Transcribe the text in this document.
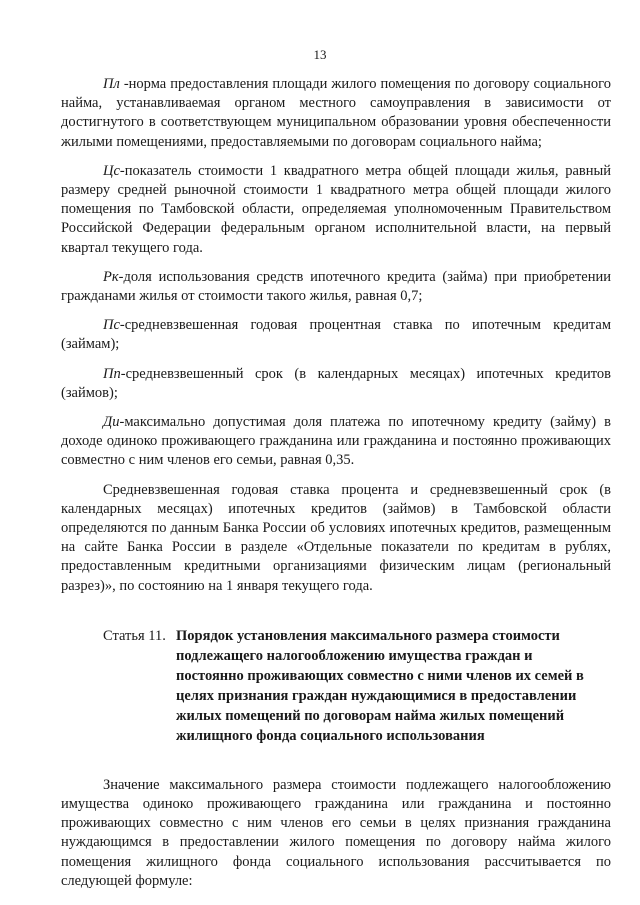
13

Пл -норма предоставления площади жилого помещения по договору социального найма, устанавливаемая органом местного самоуправления в зависимости от достигнутого в соответствующем муниципальном образовании уровня обеспеченности жилыми помещениями, предоставляемыми по договорам социального найма;

Цс-показатель стоимости 1 квадратного метра общей площади жилья, равный размеру средней рыночной стоимости 1 квадратного метра общей площади жилого помещения по Тамбовской области, определяемая уполномоченным Правительством Российской Федерации федеральным органом исполнительной власти, на первый квартал текущего года.

Рк-доля использования средств ипотечного кредита (займа) при приобретении гражданами жилья от стоимости такого жилья, равная 0,7;

Пс-средневзвешенная годовая процентная ставка по ипотечным кредитам (займам);

Пп-средневзвешенный срок (в календарных месяцах) ипотечных кредитов (займов);

Ди-максимально допустимая доля платежа по ипотечному кредиту (займу) в доходе одиноко проживающего гражданина или гражданина и постоянно проживающих совместно с ним членов его семьи, равная 0,35.

Средневзвешенная годовая ставка процента и средневзвешенный срок (в календарных месяцах) ипотечных кредитов (займов) в Тамбовской области определяются по данным Банка России об условиях ипотечных кредитов, размещенным на сайте Банка России в разделе «Отдельные показатели по кредитам в рублях, предоставленным кредитными организациями физическим лицам (региональный разрез)», по состоянию на 1 января текущего года.

Статья 11. Порядок установления максимального размера стоимости
подлежащего налогообложению имущества граждан и
постоянно проживающих совместно с ними членов их семей в
целях признания граждан нуждающимися в предоставлении
жилых помещений по договорам найма жилых помещений
жилищного фонда социального использования

Значение максимального размера стоимости подлежащего налогообложению имущества одиноко проживающего гражданина или гражданина и постоянно проживающих совместно с ним членов его семьи в целях признания гражданина нуждающимся в предоставлении жилого помещения по договору найма жилого помещения жилищного фонда социального использования рассчитывается по следующей формуле:
